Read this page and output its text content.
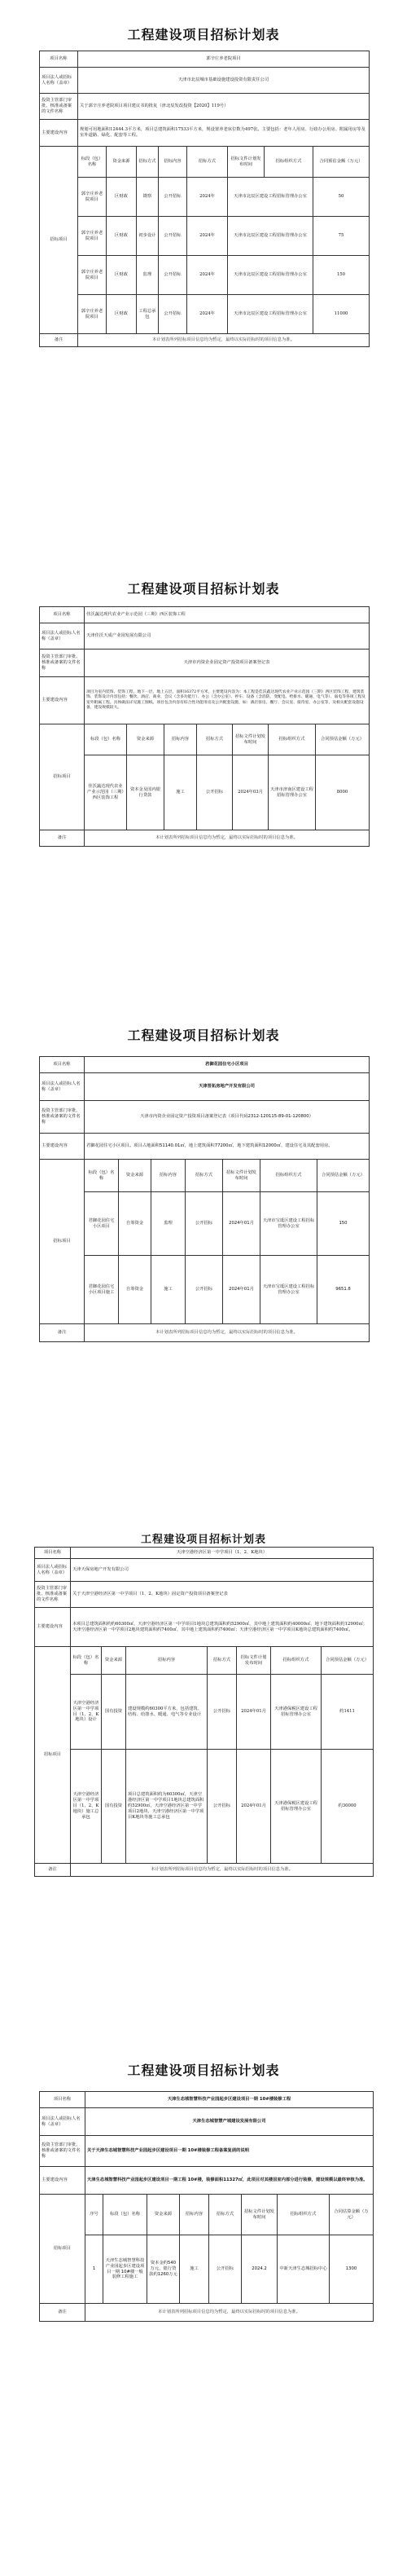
工程建设项目招标计划表
项目名称	郭辛庄养老院项目							
项目法人或招标人名称（盖章）	天津市北辰城市基础设施建设投资有限责任公司							
投资主管部门审批、核准或备案的文件名称	关于郭辛庄养老院项目项目建议书的批复（津北辰发改投资【2020】119号）							
主要建设内容	规划可用地面积12444.3平方米，项目总建筑面积17533平方米，规设置养老床位数为497张。主要包括：老年人用房、行政办公用房、附属用房等及室外道路、绿化、配套等工程。							
招标项目	标段（包）名称	资金来源	招标方式	招标内容	招标方式	招标文件计划发布时间	招标组织方式	合同预估金额（万元）
	郭辛庄养老院项目	区财政	勘察	公开招标	2024年	天津市北辰区建设工程招标管理办公室		50
	郭辛庄养老院项目	区财政	初步设计	公开招标	2024年	天津市北辰区建设工程招标管理办公室		75
	郭辛庄养老院项目	区财政	监理	公开招标	2024年	天津市北辰区建设工程招标管理办公室		150
	郭辛庄养老院项目	区财政	工程总承包	公开招标	2024年	天津市北辰区建设工程招标管理办公室		11000
备注	本计划表所列招标项目信息均为暂定，最终以实际招标时的项目信息为准。							
工程建设项目招标计划表
项目名称	佳沃蔬达现代农业产业示范园（三期）西区装饰工程						
项目法人或招标人名称（盖章）	天津佳沃天成产业园发展有限公司						
投资主管部门审批、核准或备案的文件名称	天津市内资企业固定资产投资项目备案登记表						
主要建设内容	项目为室内装饰、装饰工程，地下一层，地上五层，面积16372平方米，主要建设内容为：本工程是佳沃蔬达现代农业产业示范园（三期）西区装饰工程，建筑装饰、装饰设计内容包括：餐饮、酒店、商业、会议（含多功能厅）、办公（含办公室）、停车、设备（含消防、变配电、给排水、暖通、电气等）、弱电等各项工程及室外附属工程。具体做法详见施工图纸。项目包含内容有综合性功能用房及公共配套设施，如：酒店客房、餐厅、会议室、接待室、办公室等，及相关配套设施设备，建设规模较大。						
招标项目	标段（包）名称	资金来源	招标内容	招标方式	招标文件计划发布时间	招标组织方式	合同预估金额（万元）
	佳沃蔬达现代农业产业示范园（三期）西区装饰工程	资本金及国内银行贷款	施工	公开招标	2024年03月	天津市津南区建设工程招标管理办公室	8000
备注	本计划表所列招标项目信息均为暂定，最终以实际招标时的项目信息为准。						
工程建设项目招标计划表
项目名称	君御花园住宅小区项目						
项目法人或招标人名称（盖章）	天津晋拓房地产开发有限公司						
投资主管部门审批、核准或备案的文件名称	天津市内资企业固定资产投资项目备案登记表（项目代码2312-120115-89-01-120800）						
主要建设内容	君御花园住宅小区项目。项目占地面积51140.01㎡，地上建筑面积77200㎡，地下建筑面积12000㎡，建设住宅及其配套用房。						
招标项目	标段（包）名称	资金来源	招标内容	招标方式	招标文件计划发布时间	招标组织方式	合同预估金额（万元）
	君御花园住宅小区项目	自筹资金	监理	公开招标	2024年01月	天津市宝坻区建设工程招标管理办公室	150
	君御花园住宅小区项目施工	自筹资金	施工	公开招标	2024年01月	天津市宝坻区建设工程招标管理办公室	9651.8
备注	本计划表所列招标项目信息均为暂定，最终以实际招标时的项目信息为准。						
工程建设项目招标计划表
项目名称	天津空港经济区第一中学项目（1、2、K地块）						
项目法人或招标人名称（盖章）	天津天保房地产开发有限公司						
投资主管部门审批、核准或备案的文件名称	关于天津空港经济区第一中学项目（1、2、K地块）固定资产投资项目备案登记表						
主要建设内容	本项目总建筑面积约约60300㎡，天津空港经济区第一中学项目1地块总建筑面积约52900㎡，其中地上建筑面积约40000㎡、地下建筑面积约12900㎡；天津空港经济区第一中学项目2地块建筑面积约7400㎡，其中地上建筑面积约7400㎡；天津空港经济区第一中学项目K地块总建筑面积约7400㎡。						
招标项目	标段（包）名称	资金来源	招标内容	招标方式	招标文件计划发布时间	招标组织方式	合同预估金额（万元）
	天津空港经济区第一中学项目（1、2、K地块）设计	国有投资	建设规模约60300平方米，包括建筑、结构、给排水、暖通、电气等专业设计	公开招标	2024年01月	天津港保税区建设工程招标管理办公室	约1411
	天津空港经济区第一中学项目（1、2、K地块）施工总承包	国有投资	项目总建筑面积约为60300㎡，天津空港经济区第一中学项目1地块总建筑面积约52900㎡，天津空港经济区第一中学项目2地块，天津空港经济区第一中学项目K地块等施工总承包	公开招标	2024年01月	天津港保税区建设工程招标管理办公室	约30000
备注	本计划表所列招标项目信息均为暂定，最终以实际招标时的项目信息为准。						
工程建设项目招标计划表
项目名称	天津生态城智慧科技产业园起步区建设项目一期 10#楼装修工程							
项目法人或招标人名称（盖章）	天津生态城智慧产城建设发展有限公司							
投资主管部门审批、核准或备案的文件名称	关于天津生态城智慧科技产业园起步区建设项目一期 10#楼装修工程备案复函的说明							
主要建设内容	天津生态城智慧科技产业园起步区建设项目一期工程 10#楼，装修面积11327㎡，此项目对其楼层室内部分进行装修，建设规模以最终审核为准。							
招标项目	序号	标段（包）名称	资金来源	招标内容	招标方式	招标文件计划发布时间	招标组织方式	合同估算金额（万元）
	1	天津生态城智慧科技产业园起步区建设项目一期 10#楼一般装修工程施工	资本金约540万元，银行贷款约1260万元	施工	公开招标	2024.2	中新天津生态城招标中心	1300
备注	本计划表所列招标项目信息均为暂定，最终以实际招标时的项目信息为准。							
